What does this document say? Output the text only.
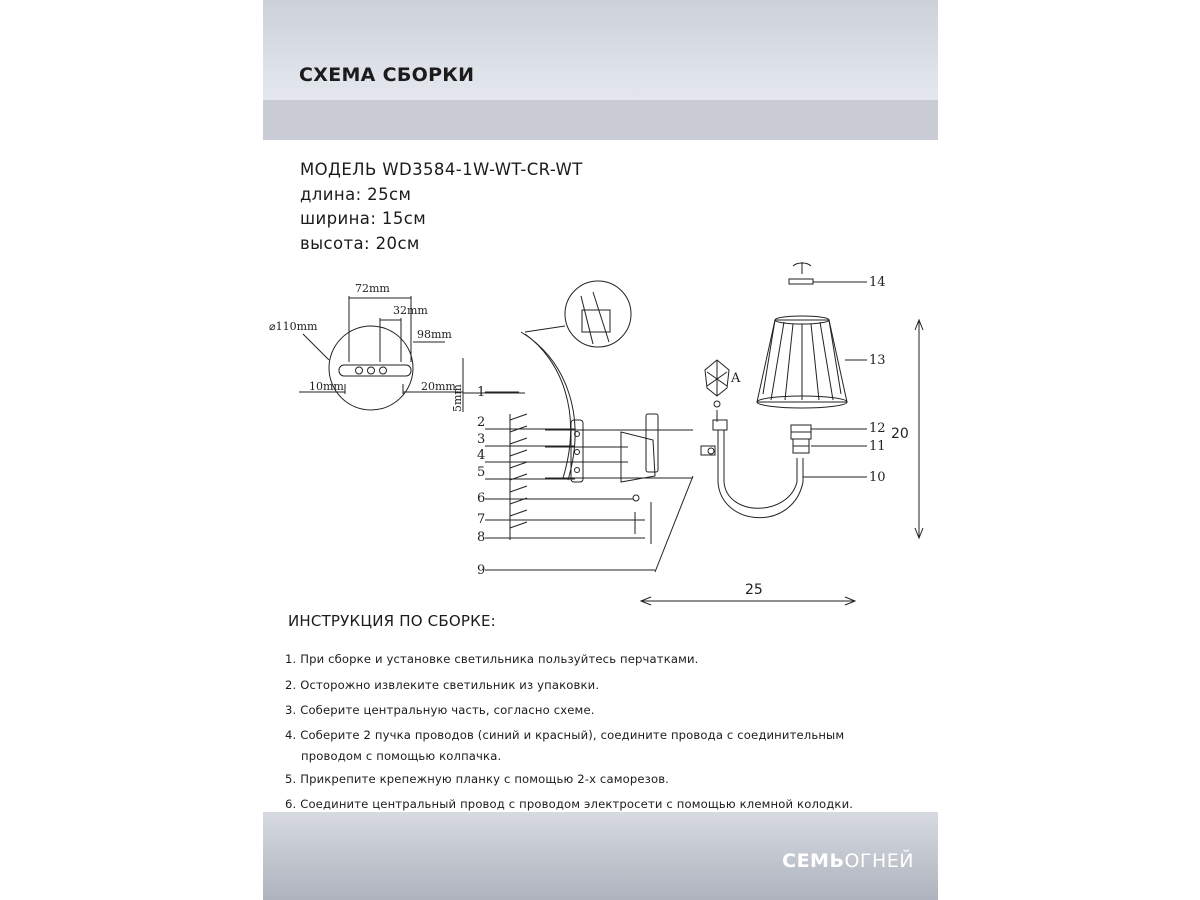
СХЕМА СБОРКИ
МОДЕЛЬ WD3584-1W-WT-CR-WT
длина: 25см
ширина: 15см
высота: 20см
⌀110mm
72mm
32mm
98mm
10mm	20mm
5mm
A
1
2
3
4
5
6
7
8
9
10
11
12
13
14
20
25
ИНСТРУКЦИЯ ПО СБОРКЕ:
1. При сборке и установке светильника пользуйтесь перчатками.
2. Осторожно извлеките светильник из упаковки.
3. Соберите центральную часть, согласно схеме.
4. Соберите 2 пучка проводов (синий и красный), соедините провода с соединительным
проводом с помощью колпачка.
5. Прикрепите крепежную планку с помощью 2-х саморезов.
6. Соедините центральный провод с проводом электросети с помощью клемной колодки.
СЕМЬОГНЕЙ
